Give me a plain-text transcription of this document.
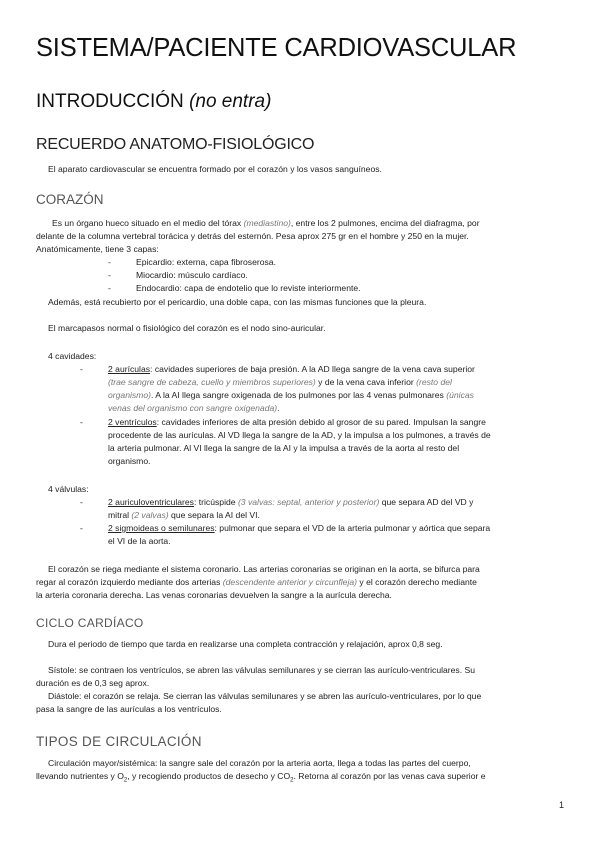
SISTEMA/PACIENTE CARDIOVASCULAR
INTRODUCCIÓN (no entra)
RECUERDO ANATOMO-FISIOLÓGICO

El aparato cardiovascular se encuentra formado por el corazón y los vasos sanguíneos.

CORAZÓN

Es un órgano hueco situado en el medio del tórax (mediastino), entre los 2 pulmones, encima del diafragma, por

delante de la columna vertebral torácica y detrás del esternón. Pesa aprox 275 gr en el hombre y 250 en la mujer.

Anatómicamente, tiene 3 capas:

-	Epicardio: externa, capa fibroserosa.
-	Miocardio: músculo cardíaco.
-	Endocardio: capa de endotelio que lo reviste interiormente.

Además, está recubierto por el pericardio, una doble capa, con las mismas funciones que la pleura.

El marcapasos normal o fisiológico del corazón es el nodo sino-auricular.

4 cavidades:

-	2 aurículas: cavidades superiores de baja presión. A la AD llega sangre de la vena cava superior
(trae sangre de cabeza, cuello y miembros superiores) y de la vena cava inferior (resto del
organismo). A la AI llega sangre oxigenada de los pulmones por las 4 venas pulmonares (únicas
venas del organismo con sangre oxigenada).
-	2 ventrículos: cavidades inferiores de alta presión debido al grosor de su pared. Impulsan la sangre
procedente de las aurículas. Al VD llega la sangre de la AD, y la impulsa a los pulmones, a través de
la arteria pulmonar. Al VI llega la sangre de la AI y la impulsa a través de la aorta al resto del
organismo.

4 válvulas:

-	2 auriculoventriculares: tricúspide (3 valvas: septal, anterior y posterior) que separa AD del VD y
mitral (2 valvas) que separa la AI del VI.
-	2 sigmoideas o semilunares: pulmonar que separa el VD de la arteria pulmonar y aórtica que separa
el VI de la aorta.

El corazón se riega mediante el sistema coronario. Las arterias coronarias se originan en la aorta, se bifurca para

regar al corazón izquierdo mediante dos arterias (descendente anterior y circunfleja) y el corazón derecho mediante

la arteria coronaria derecha. Las venas coronarias devuelven la sangre a la aurícula derecha.

CICLO CARDÍACO

Dura el periodo de tiempo que tarda en realizarse una completa contracción y relajación, aprox 0,8 seg.

Sístole: se contraen los ventrículos, se abren las válvulas semilunares y se cierran las aurículo-ventriculares. Su

duración es de 0,3 seg aprox.

Diástole: el corazón se relaja. Se cierran las válvulas semilunares y se abren las aurículo-ventriculares, por lo que

pasa la sangre de las aurículas a los ventrículos.

TIPOS DE CIRCULACIÓN

Circulación mayor/sistémica: la sangre sale del corazón por la arteria aorta, llega a todas las partes del cuerpo,

llevando nutrientes y $O_2$, y recogiendo productos de desecho y $CO_2$. Retorna al corazón por las venas cava superior e

1
